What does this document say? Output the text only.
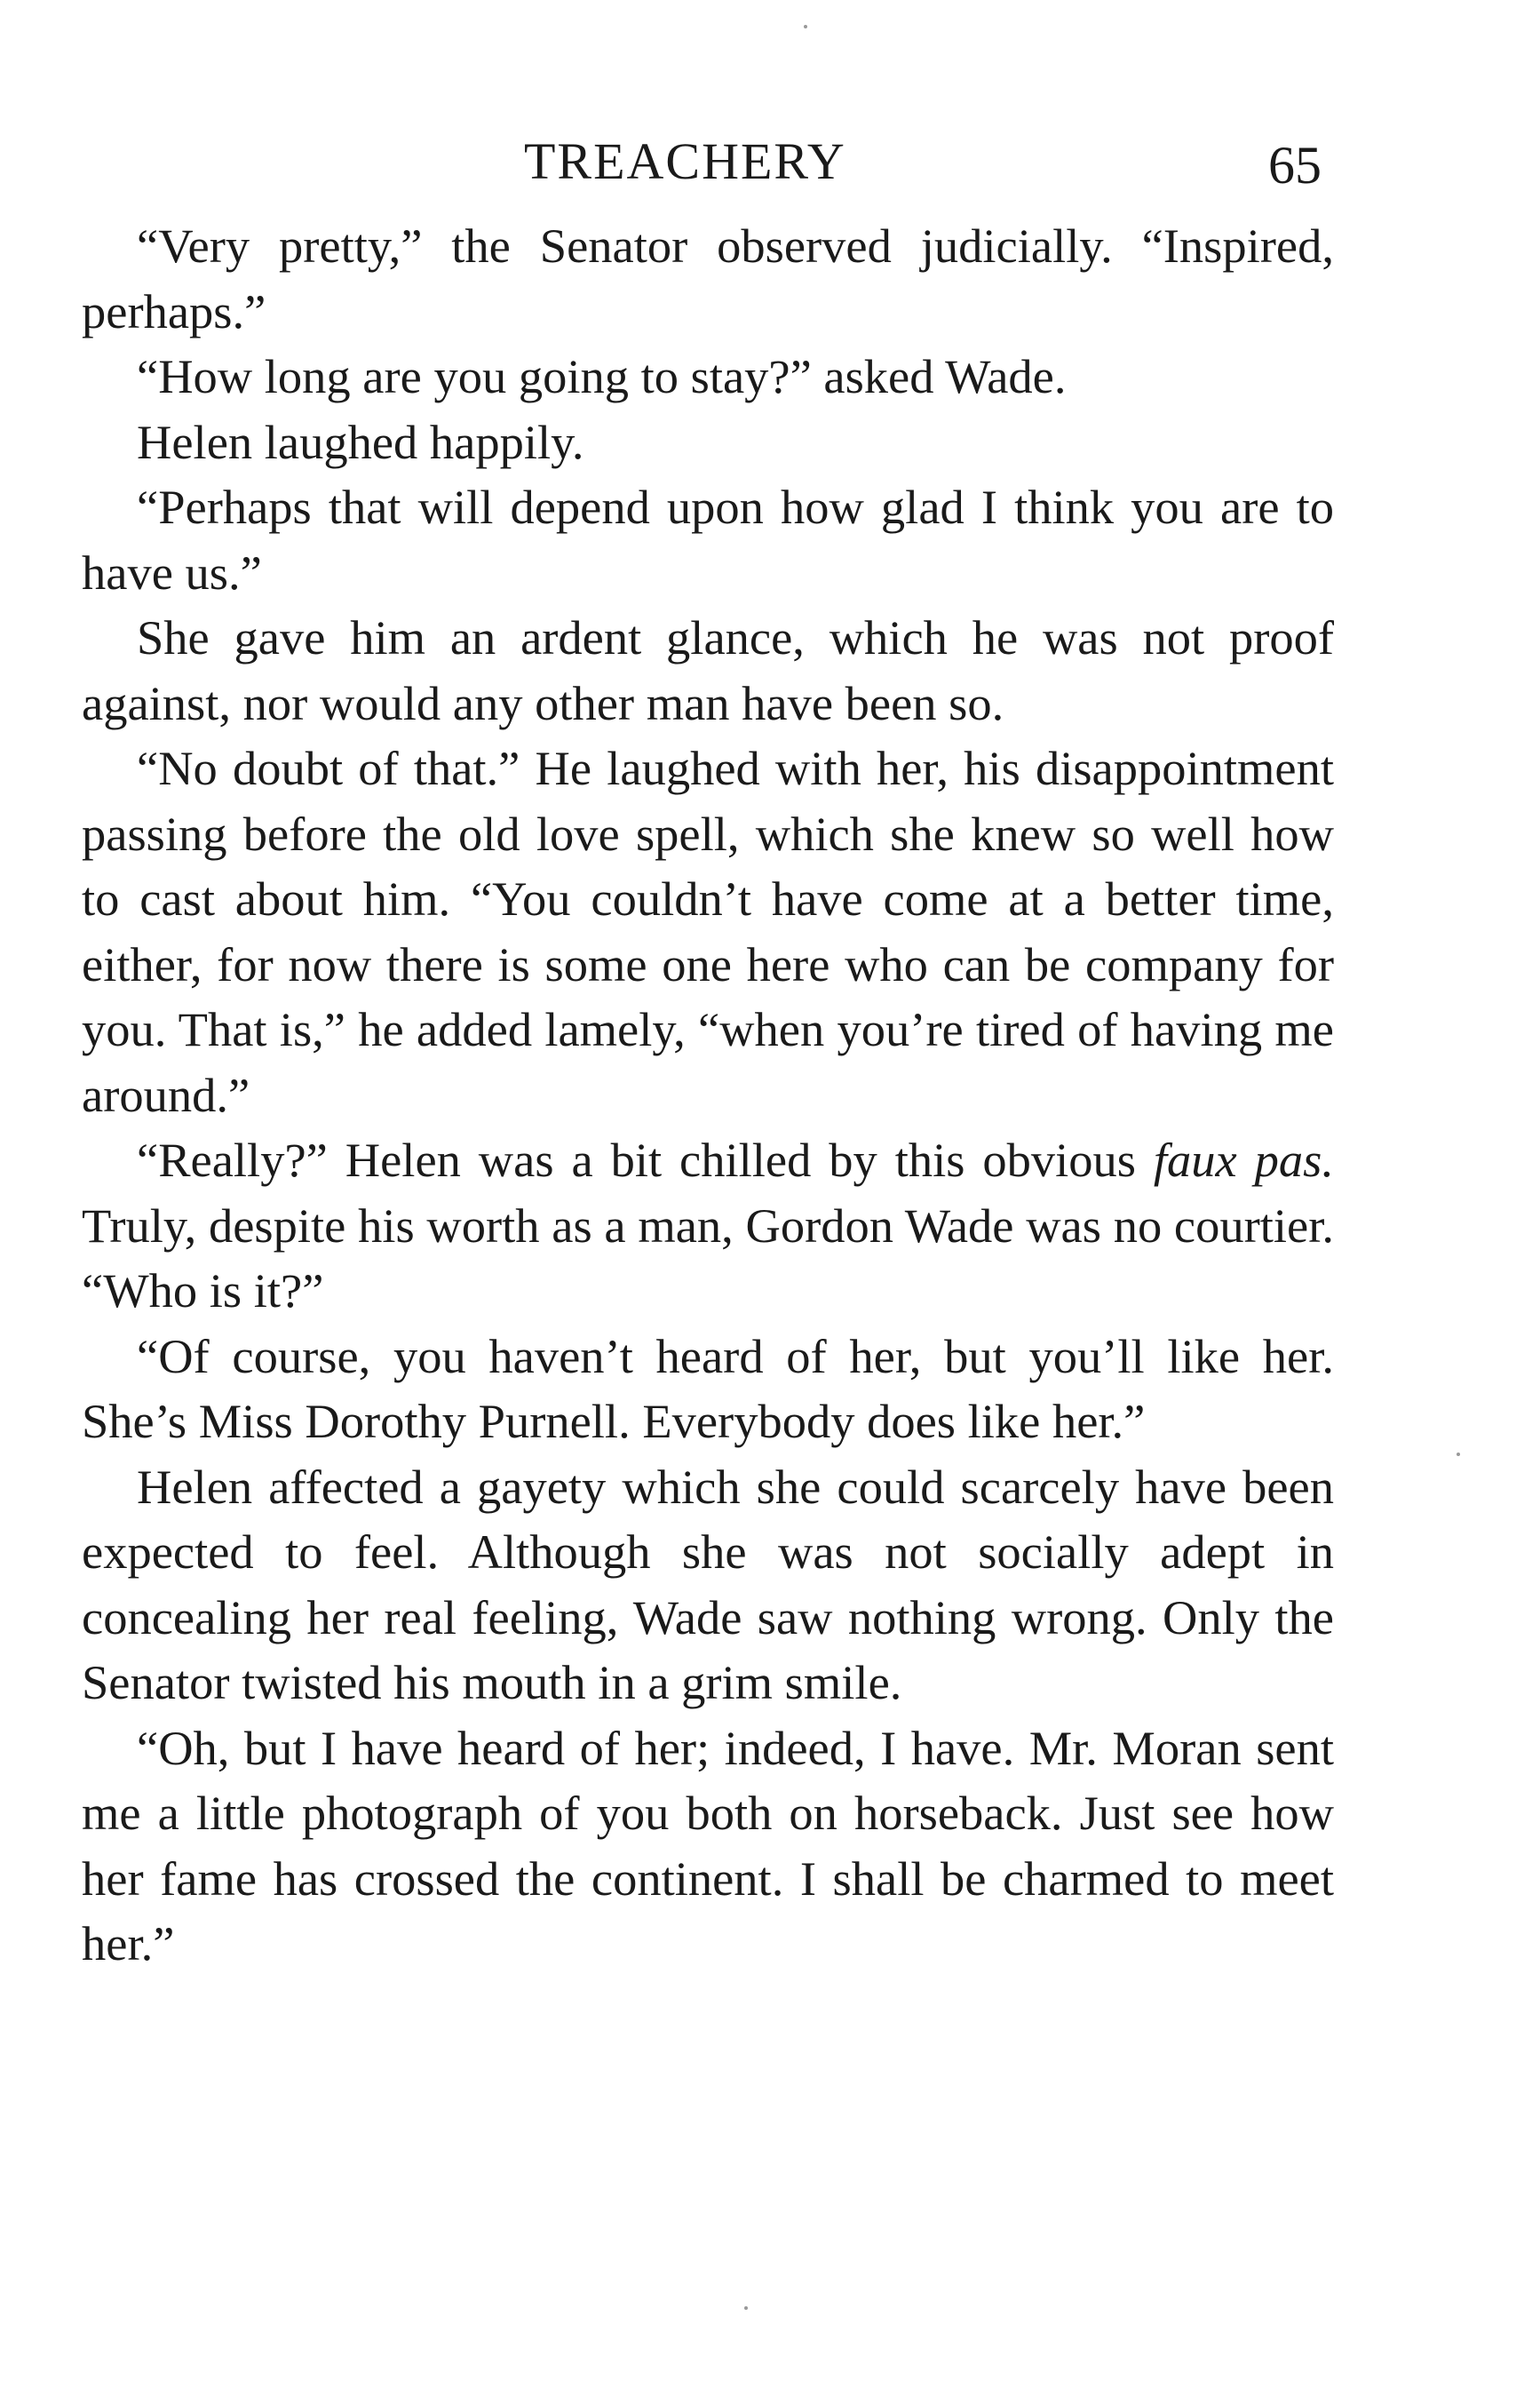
TREACHERY	65

“Very pretty,” the Senator observed judicially. “Inspired, perhaps.”

“How long are you going to stay?” asked Wade.

Helen laughed happily.

“Perhaps that will depend upon how glad I think you are to have us.”

She gave him an ardent glance, which he was not proof against, nor would any other man have been so.

“No doubt of that.” He laughed with her, his disappointment passing before the old love spell, which she knew so well how to cast about him. “You couldn’t have come at a better time, either, for now there is some one here who can be company for you. That is,” he added lamely, “when you’re tired of having me around.”

“Really?” Helen was a bit chilled by this obvious faux pas. Truly, despite his worth as a man, Gordon Wade was no courtier. “Who is it?”

“Of course, you haven’t heard of her, but you’ll like her. She’s Miss Dorothy Purnell. Everybody does like her.”

Helen affected a gayety which she could scarcely have been expected to feel. Although she was not socially adept in concealing her real feeling, Wade saw nothing wrong. Only the Senator twisted his mouth in a grim smile.

“Oh, but I have heard of her; indeed, I have. Mr. Moran sent me a little photograph of you both on horseback. Just see how her fame has crossed the continent. I shall be charmed to meet her.”
